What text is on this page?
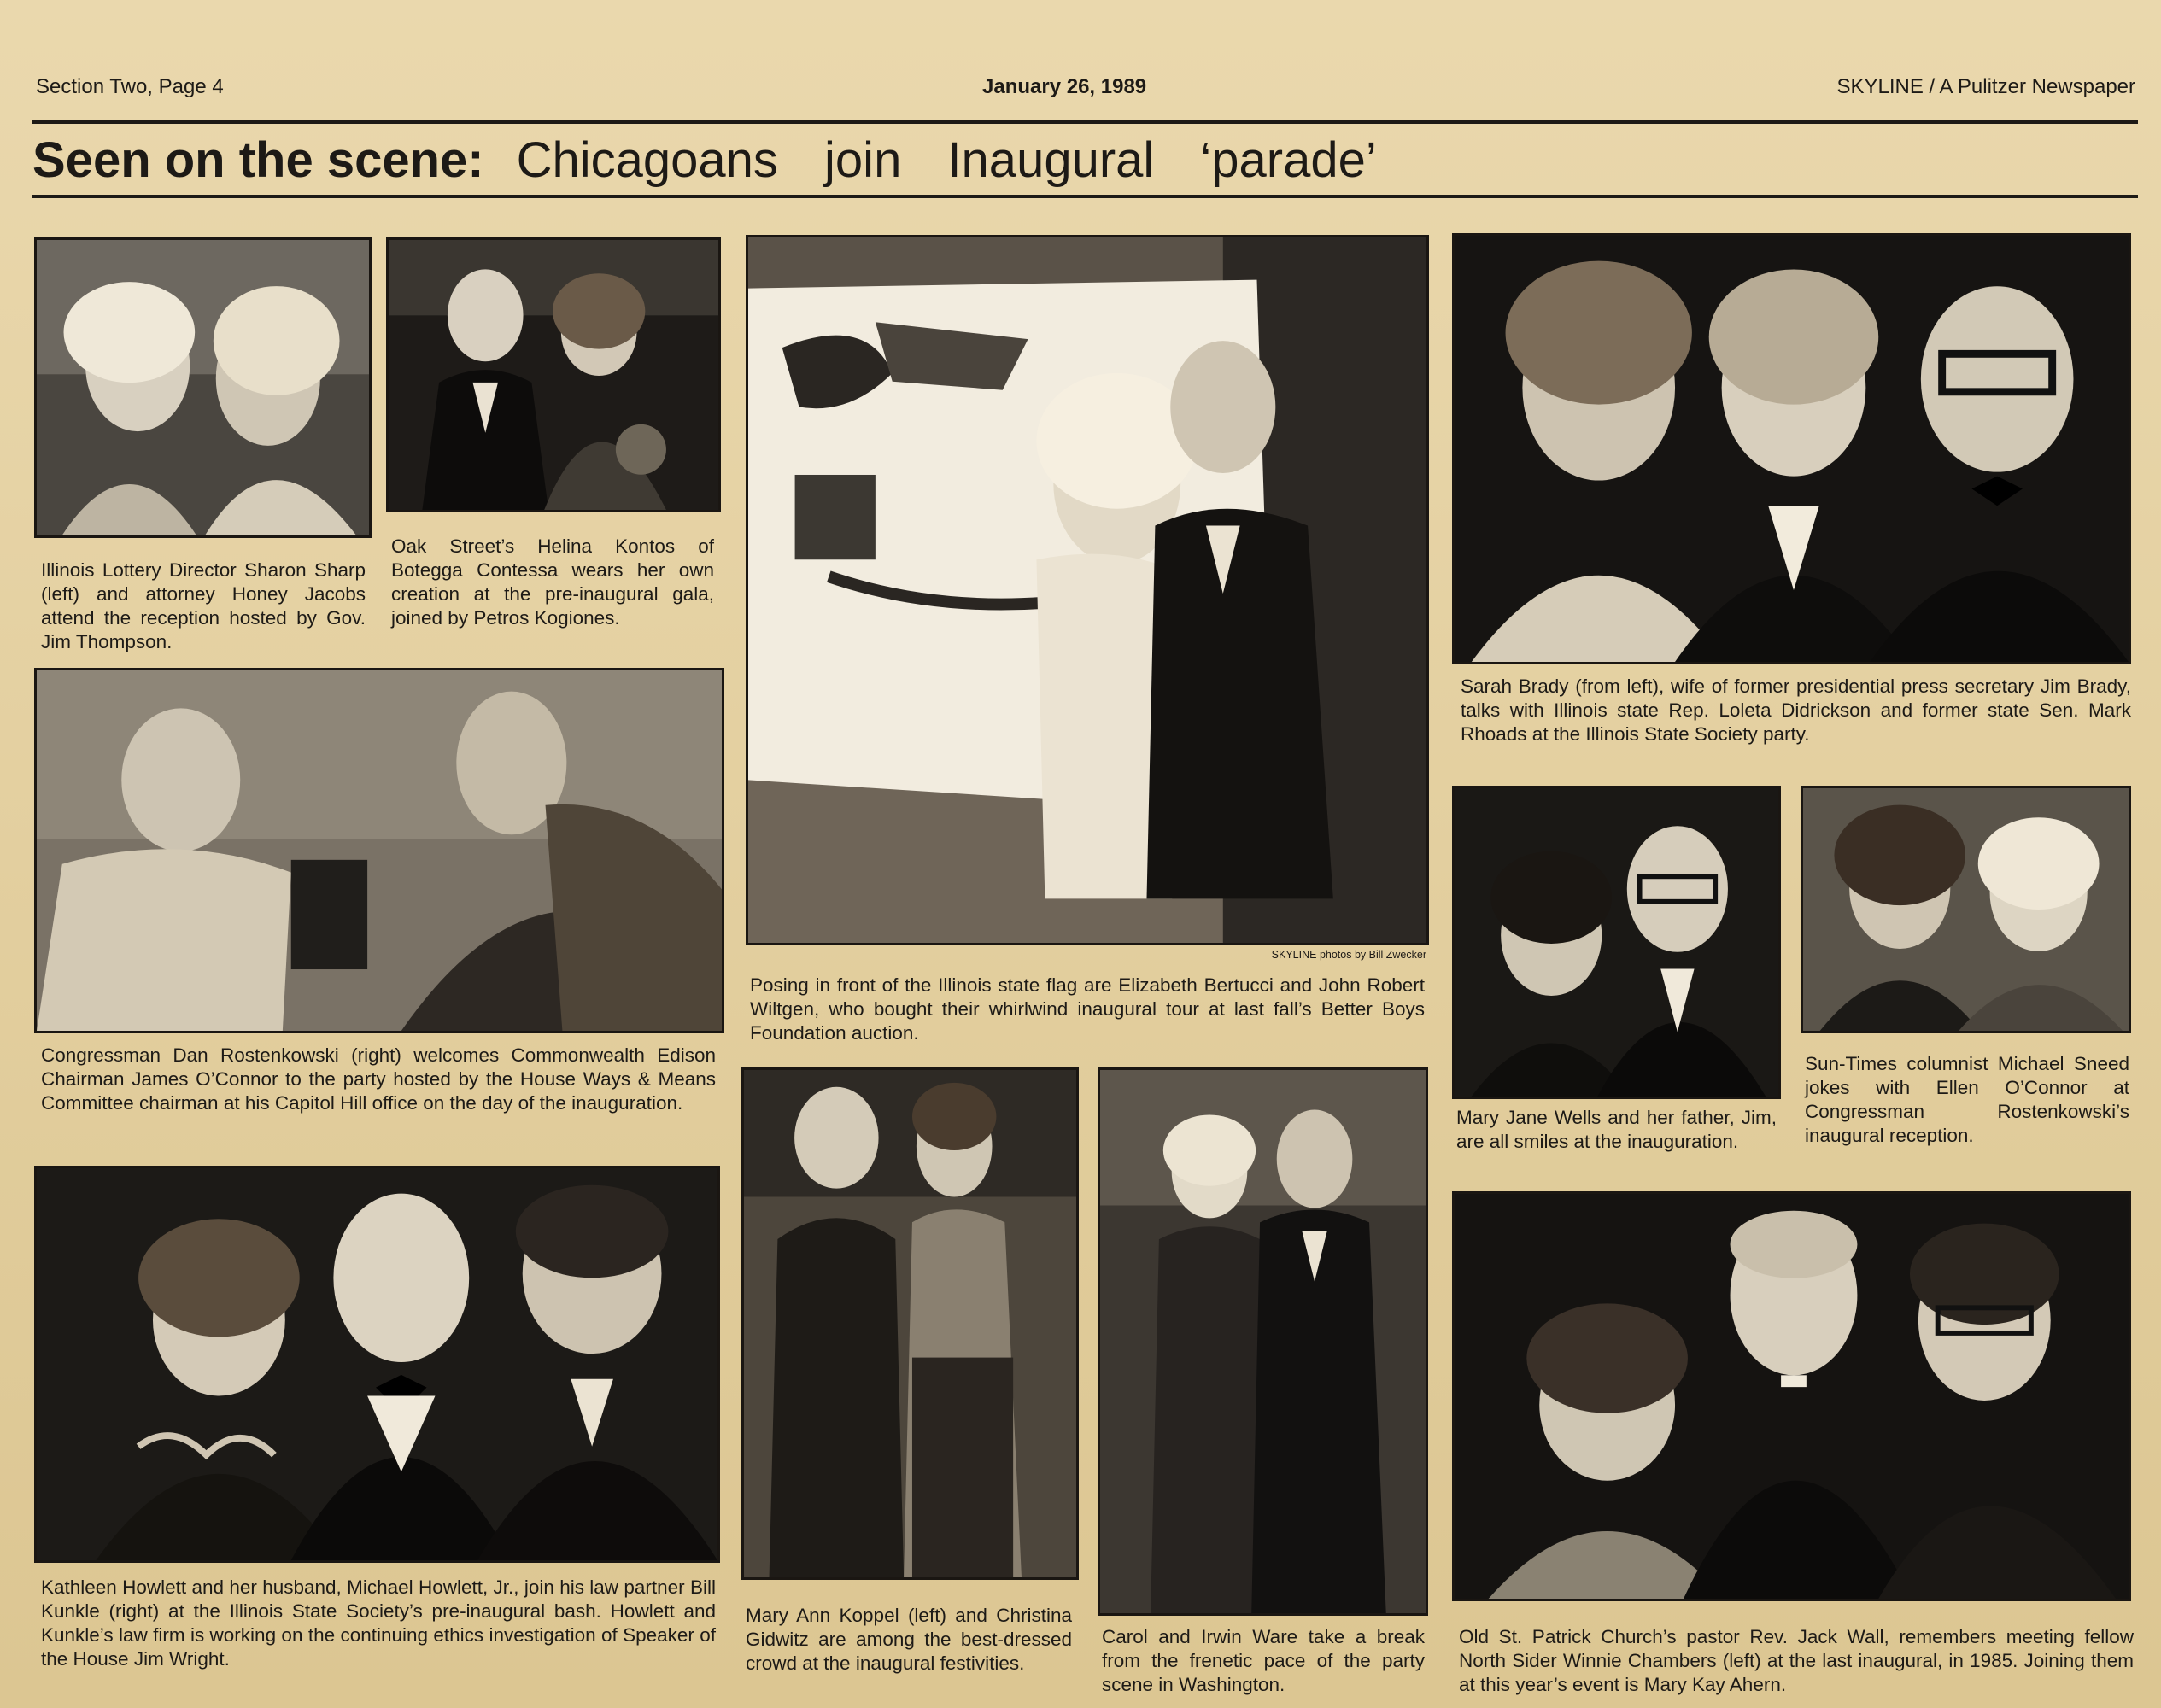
Section Two, Page 4	January 26, 1989	SKYLINE / A Pulitzer Newspaper
Seen on the scene: Chicagoans join Inaugural ‘parade’
SKYLINE photos by Bill Zwecker
Illinois Lottery Director Sharon Sharp (left) and attorney Honey Jacobs attend the reception hosted by Gov. Jim Thompson.
Oak Street’s Helina Kontos of Botegga Contessa wears her own creation at the pre-inaugural gala, joined by Petros Kogiones.
Posing in front of the Illinois state flag are Elizabeth Bertucci and John Robert Wiltgen, who bought their whirlwind inaugural tour at last fall’s Better Boys Foundation auction.
Sarah Brady (from left), wife of former presidential press secretary Jim Brady, talks with Illinois state Rep. Loleta Didrickson and former state Sen. Mark Rhoads at the Illinois State Society party.
Congressman Dan Rostenkowski (right) welcomes Commonwealth Edison Chairman James O’Connor to the party hosted by the House Ways & Means Committee chairman at his Capitol Hill office on the day of the inauguration.
Mary Jane Wells and her father, Jim, are all smiles at the inauguration.
Sun-Times columnist Michael Sneed jokes with Ellen O’Connor at Congressman Rostenkowski’s inaugural reception.
Kathleen Howlett and her husband, Michael Howlett, Jr., join his law partner Bill Kunkle (right) at the Illinois State Society’s pre-inaugural bash. Howlett and Kunkle’s law firm is working on the continuing ethics investigation of Speaker of the House Jim Wright.
Mary Ann Koppel (left) and Christina Gidwitz are among the best-dressed crowd at the inaugural festivities.
Carol and Irwin Ware take a break from the frenetic pace of the party scene in Washington.
Old St. Patrick Church’s pastor Rev. Jack Wall, remembers meeting fellow North Sider Winnie Chambers (left) at the last inaugural, in 1985. Joining them at this year’s event is Mary Kay Ahern.
